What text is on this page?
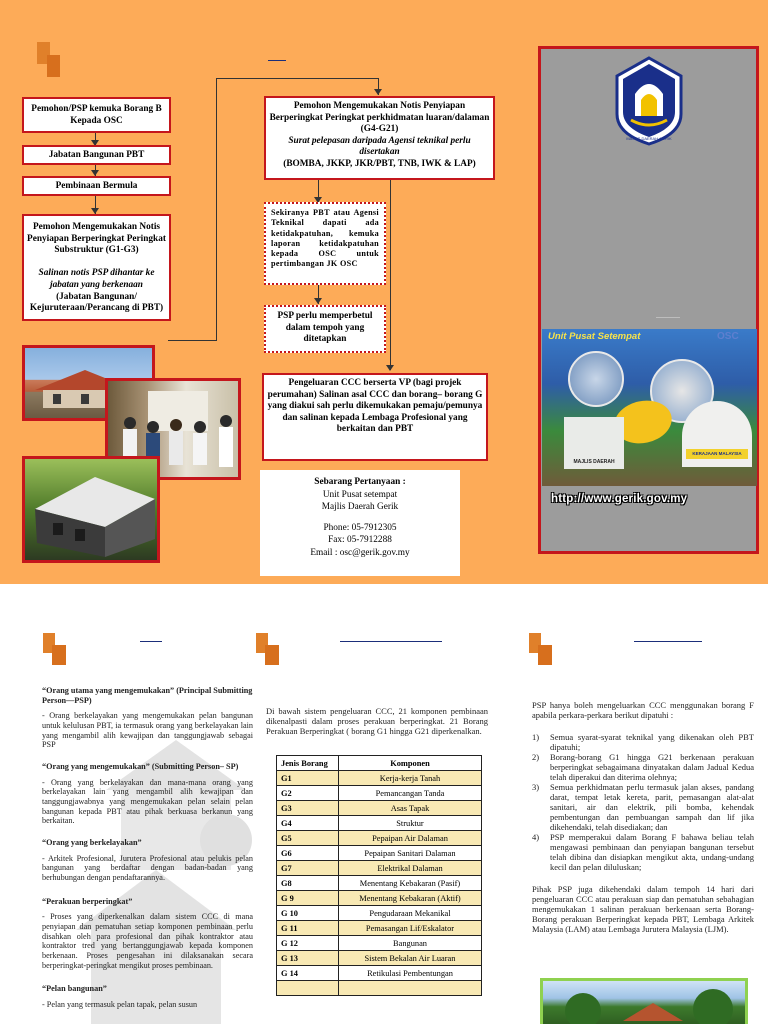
Pemohon/PSP kemuka Borang B Kepada OSC
Jabatan Bangunan PBT
Pembinaan Bermula
Pemohon Mengemukakan Notis Penyiapan Berperingkat Peringkat Substruktur (G1-G3)

Salinan notis PSP dihantar ke jabatan yang berkenaan
(Jabatan Bangunan/ Kejuruteraan/Perancang di PBT)
Pemohon Mengemukakan Notis Penyiapan Berperingkat Peringkat perkhidmatan luaran/dalaman (G4-G21)
Surat pelepasan daripada Agensi teknikal perlu disertakan
(BOMBA, JKKP, JKR/PBT, TNB, IWK & LAP)
Sekiranya PBT atau Agensi Teknikal dapati ada ketidakpatuhan, kemuka laporan ketidakpatuhan kepada OSC untuk pertimbangan JK OSC
PSP perlu memperbetul dalam tempoh yang ditetapkan
Pengeluaran CCC berserta VP (bagi projek perumahan) Salinan asal CCC dan borang– borang G yang diakui sah perlu dikemukakan pemaju/pemunya dan salinan kepada Lembaga Profesional yang berkaitan dan PBT
Sebarang Pertanyaan :
Unit Pusat setempat
Majlis Daerah Gerik
Phone: 05-7912305
Fax: 05-7912288
Email : osc@gerik.gov.my
MAJLIS DAERAH GERIK
Unit Pusat Setempat	OSC
MAJLIS DAERAH
KERAJAAN MALAYSIA
http://www.gerik.gov.my
“Orang utama yang mengemukakan” (Principal Submitting Person—PSP)
- Orang berkelayakan yang mengemukakan pelan bangunan untuk kelulusan PBT, ia termasuk orang yang berkelayakan lain yang mengambil alih kewajipan dan tanggungjawab sebagai PSP
“Orang yang mengemukakan” (Submitting Person– SP)
- Orang yang berkelayakan dan mana-mana orang yang berkelayakan lain yang mengambil alih kewajipan dan tanggungjawabnya yang mengemukakan pelan selain pelan bangunan kepada PBT atau pihak berkuasa berkanun yang berkaitan.
“Orang yang berkelayakan”
- Arkitek Profesional, Jurutera Profesional atau pelukis pelan bangunan yang berdaftar dengan badan-badan yang berhubungan dengan pendaftarannya.
“Perakuan berperingkat”
- Proses yang diperkenalkan dalam sistem CCC di mana penyiapan dan pematuhan setiap komponen pembinaan perlu disahkan oleh para profesional dan pihak kontraktor atau kontraktor tred yang bertanggungjawab kepada komponen berkenaan. Proses pengesahan ini dilaksanakan secara berperingkat-peringkat mengikut proses pembinaan.
“Pelan bangunan”
- Pelan yang termasuk pelan tapak, pelan susun
Di bawah sistem pengeluaran CCC, 21 komponen pembinaan dikenalpasti dalam proses perakuan berperingkat. 21 Borang Perakuan Berperingkat ( borang G1 hingga G21 diperkenalkan.
Jenis Borang	Komponen
G1	Kerja-kerja Tanah
G2	Pemancangan Tanda
G3	Asas Tapak
G4	Struktur
G5	Pepaipan Air Dalaman
G6	Pepaipan Sanitari Dalaman
G7	Elektrikal Dalaman
G8	Menentang Kebakaran (Pasif)
G 9	Menentang Kebakaran (Aktif)
G 10	Pengudaraan Mekanikal
G 11	Pemasangan Lif/Eskalator
G 12	Bangunan
G 13	Sistem Bekalan Air Luaran
G 14	Retikulasi Pembentungan

PSP hanya boleh mengeluarkan CCC menggunakan borang F apabila perkara-perkara berikut dipatuhi :
1)	Semua syarat-syarat teknikal yang dikenakan oleh PBT dipatuhi;
2)	Borang-borang G1 hingga G21 berkenaan perakuan berperingkat sebagaimana dinyatakan dalam Jadual Kedua telah diperakui dan diterima olehnya;
3)	Semua perkhidmatan perlu termasuk jalan akses, pandang darat, tempat letak kereta, parit, pemasangan alat-alat sanitari, air dan elektrik, pili bomba, kehendak pembentungan dan pembuangan sampah dan lif jika dikehendaki, telah disediakan; dan
4)	PSP memperakui dalam Borang F bahawa beliau telah mengawasi pembinaan dan penyiapan bangunan tersebut telah dibina dan disiapkan mengikut akta, undang-undang kecil dan pelan diluluskan;
Pihak PSP juga dikehendaki dalam tempoh 14 hari dari pengeluaran CCC atau perakuan siap dan pematuhan sebahagian mengemukakan 1 salinan perakuan berkenaan serta Borang-Borang perakuan Berperingkat kepada PBT, Lembaga Arkitek Malaysia (LAM) atau Lembaga Jurutera Malaysia (LJM).
